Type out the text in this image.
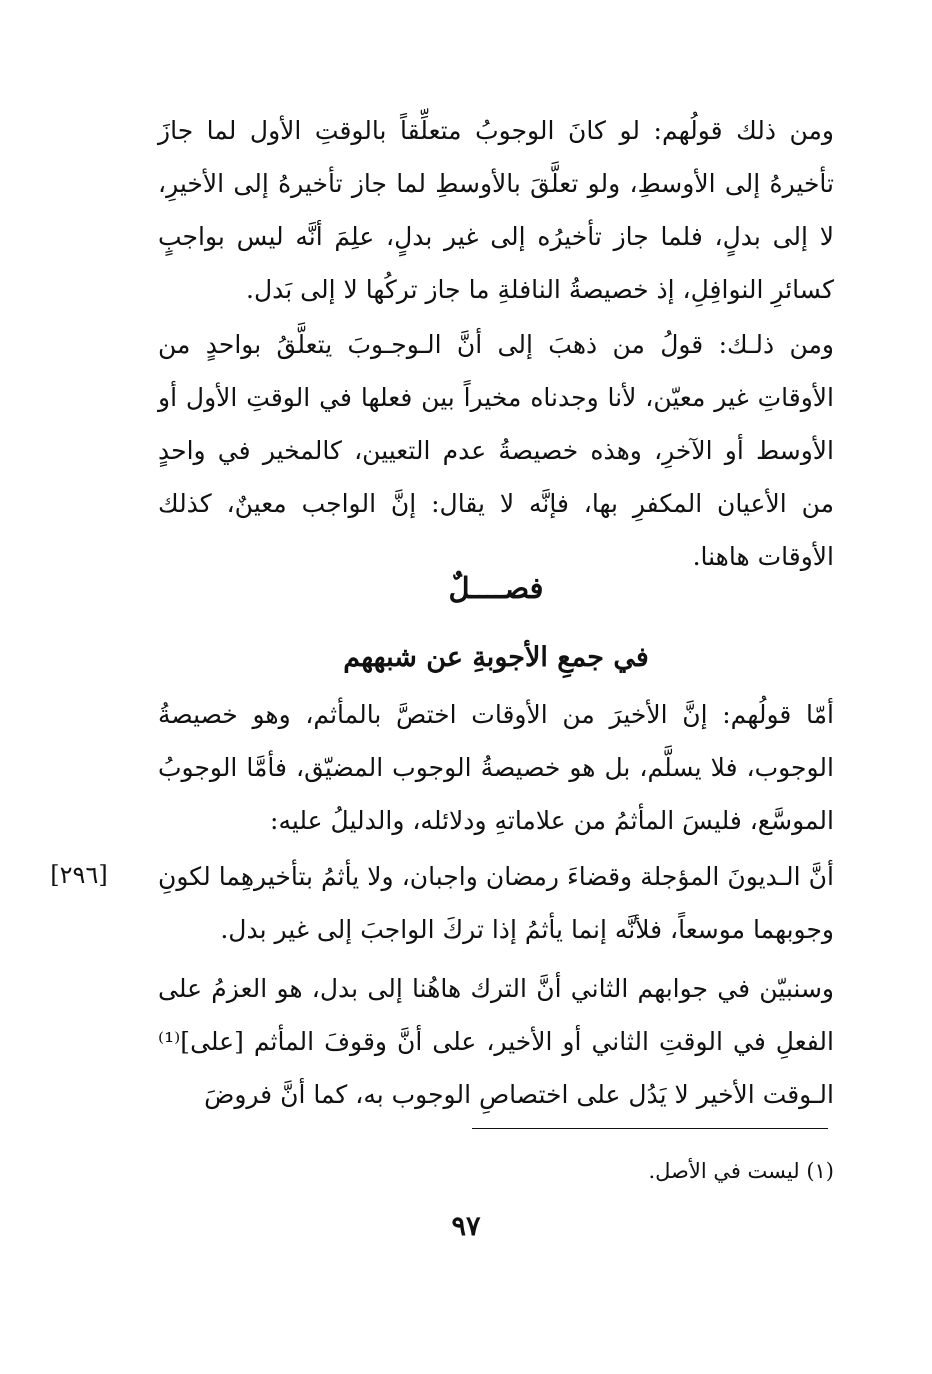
ومن ذلك قولُهم: لو كانَ الوجوبُ متعلِّقاً بالوقتِ الأول لما جازَ تأخيرهُ إلى الأوسطِ، ولو تعلَّقَ بالأوسطِ لما جاز تأخيرهُ إلى الأخيرِ، لا إلى بدلٍ، فلما جاز تأخيرُه إلى غير بدلٍ، علِمَ أنَّه ليس بواجبٍ كسائرِ النوافِلِ، إذ خصيصةُ النافلةِ ما جاز تركُها لا إلى بَدل.

ومن ذلـك: قولُ من ذهبَ إلى أنَّ الـوجـوبَ يتعلَّقُ بواحدٍ من الأوقاتِ غير معيّن، لأنا وجدناه مخيراً بين فعلها في الوقتِ الأول أو الأوسط أو الآخرِ، وهذه خصيصةُ عدم التعيين، كالمخير في واحدٍ من الأعيان المكفرِ بها، فإنَّه لا يقال: إنَّ الواجب معينٌ، كذلك الأوقات هاهنا.

فصــــلٌ
في جمعِ الأجوبةِ عن شبههم

أمّا قولُهم: إنَّ الأخيرَ من الأوقات اختصَّ بالمأثم، وهو خصيصةُ الوجوب، فلا يسلَّم، بل هو خصيصةُ الوجوب المضيّق، فأمَّا الوجوبُ الموسَّع، فليسَ المأثمُ من علاماتهِ ودلائله، والدليلُ عليه:

[٢٩٦]	أنَّ الـديونَ المؤجلة وقضاءَ رمضان واجبان، ولا يأثمُ بتأخيرهِما لكونِ وجوبهما موسعاً، فلأنَّه إنما يأثمُ إذا تركَ الواجبَ إلى غير بدل.

وسنبيّن في جوابهم الثاني أنَّ الترك هاهُنا إلى بدل، هو العزمُ على الفعلِ في الوقتِ الثاني أو الأخير، على أنَّ وقوفَ المأثم [على]⁽¹⁾ الـوقت الأخير لا يَدُل على اختصاصِ الوجوب به، كما أنَّ فروضَ

(١) ليست في الأصل.

٩٧
